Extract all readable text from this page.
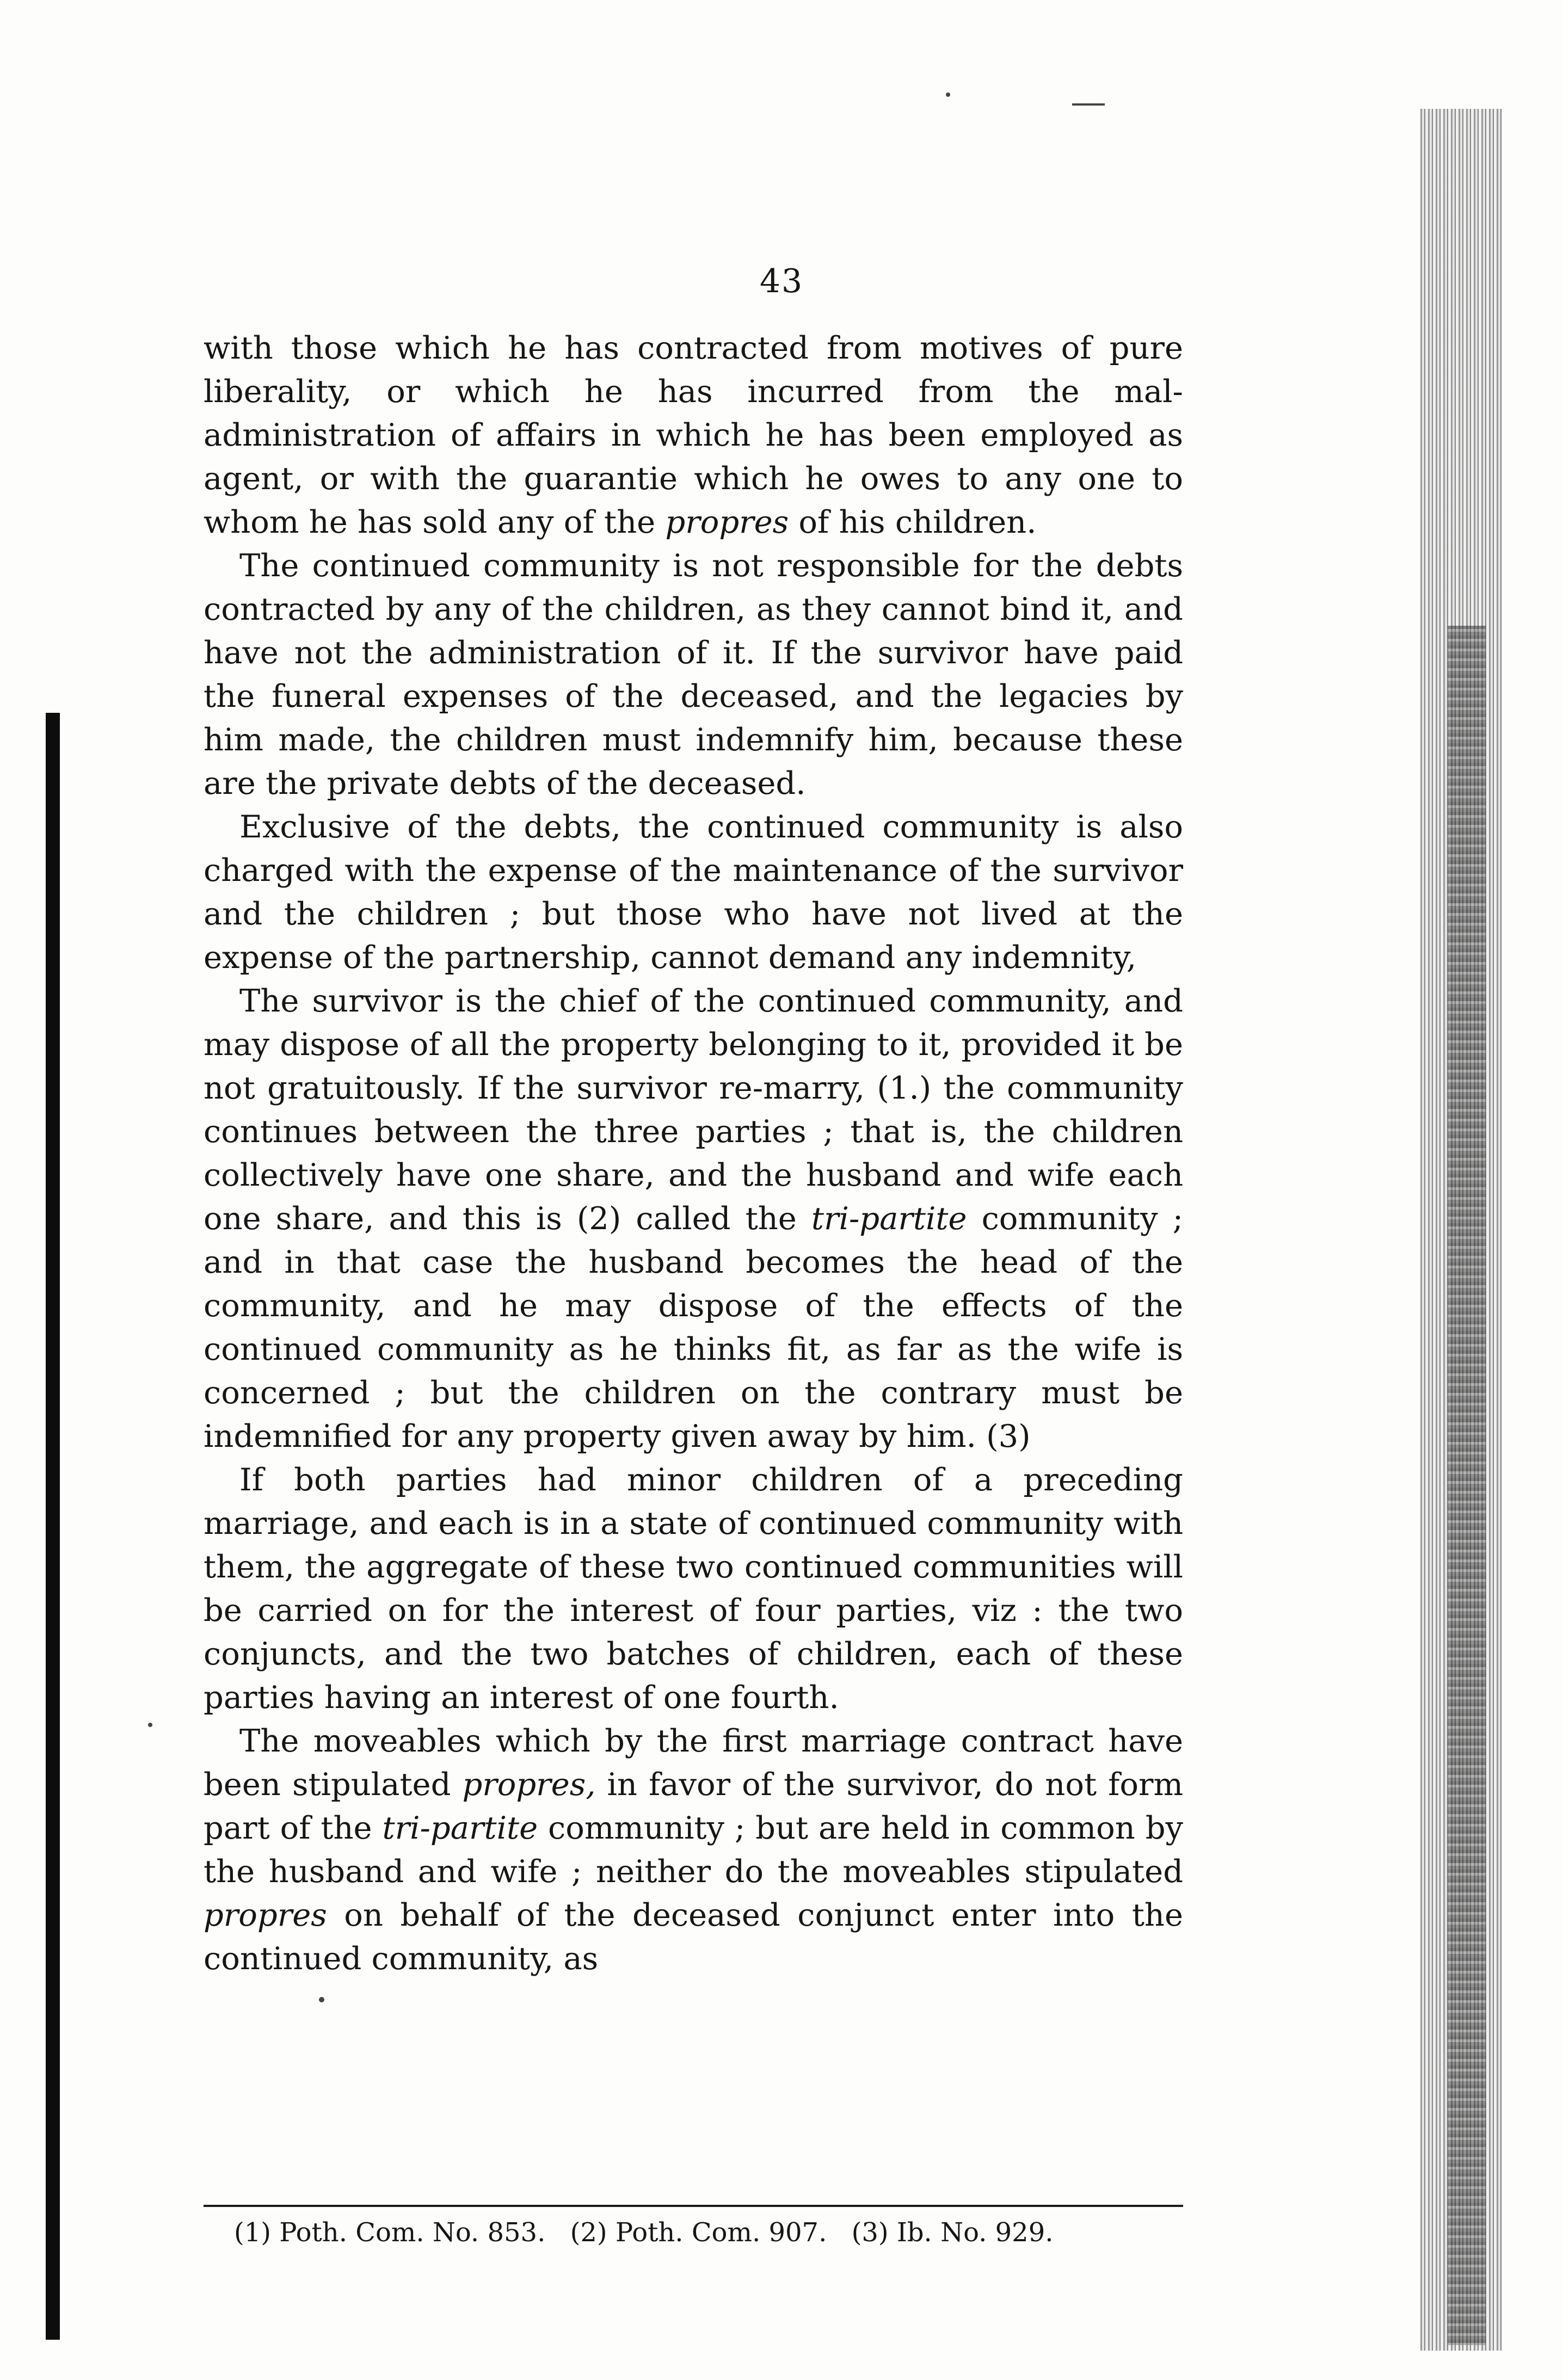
43

with those which he has contracted from motives of pure liberality, or which he has incurred from the mal-administration of affairs in which he has been employed as agent, or with the guarantie which he owes to any one to whom he has sold any of the propres of his children.

The continued community is not responsible for the debts contracted by any of the children, as they cannot bind it, and have not the administration of it. If the survivor have paid the funeral expenses of the deceased, and the legacies by him made, the children must indemnify him, because these are the private debts of the deceased.

Exclusive of the debts, the continued community is also charged with the expense of the maintenance of the survivor and the children ; but those who have not lived at the expense of the partnership, cannot demand any indemnity,

The survivor is the chief of the continued community, and may dispose of all the property belonging to it, provided it be not gratuitously. If the survivor re-marry, (1.) the community continues between the three parties ; that is, the children collectively have one share, and the husband and wife each one share, and this is (2) called the tri-partite community ; and in that case the husband becomes the head of the community, and he may dispose of the effects of the continued community as he thinks fit, as far as the wife is concerned ; but the children on the contrary must be indemnified for any property given away by him. (3)

If both parties had minor children of a preceding marriage, and each is in a state of continued community with them, the aggregate of these two continued communities will be carried on for the interest of four parties, viz : the two conjuncts, and the two batches of children, each of these parties having an interest of one fourth.

The moveables which by the first marriage contract have been stipulated propres, in favor of the survivor, do not form part of the tri-partite community ; but are held in common by the husband and wife ; neither do the moveables stipulated propres on behalf of the deceased conjunct enter into the continued community, as

(1) Poth. Com. No. 853. (2) Poth. Com. 907. (3) Ib. No. 929.
